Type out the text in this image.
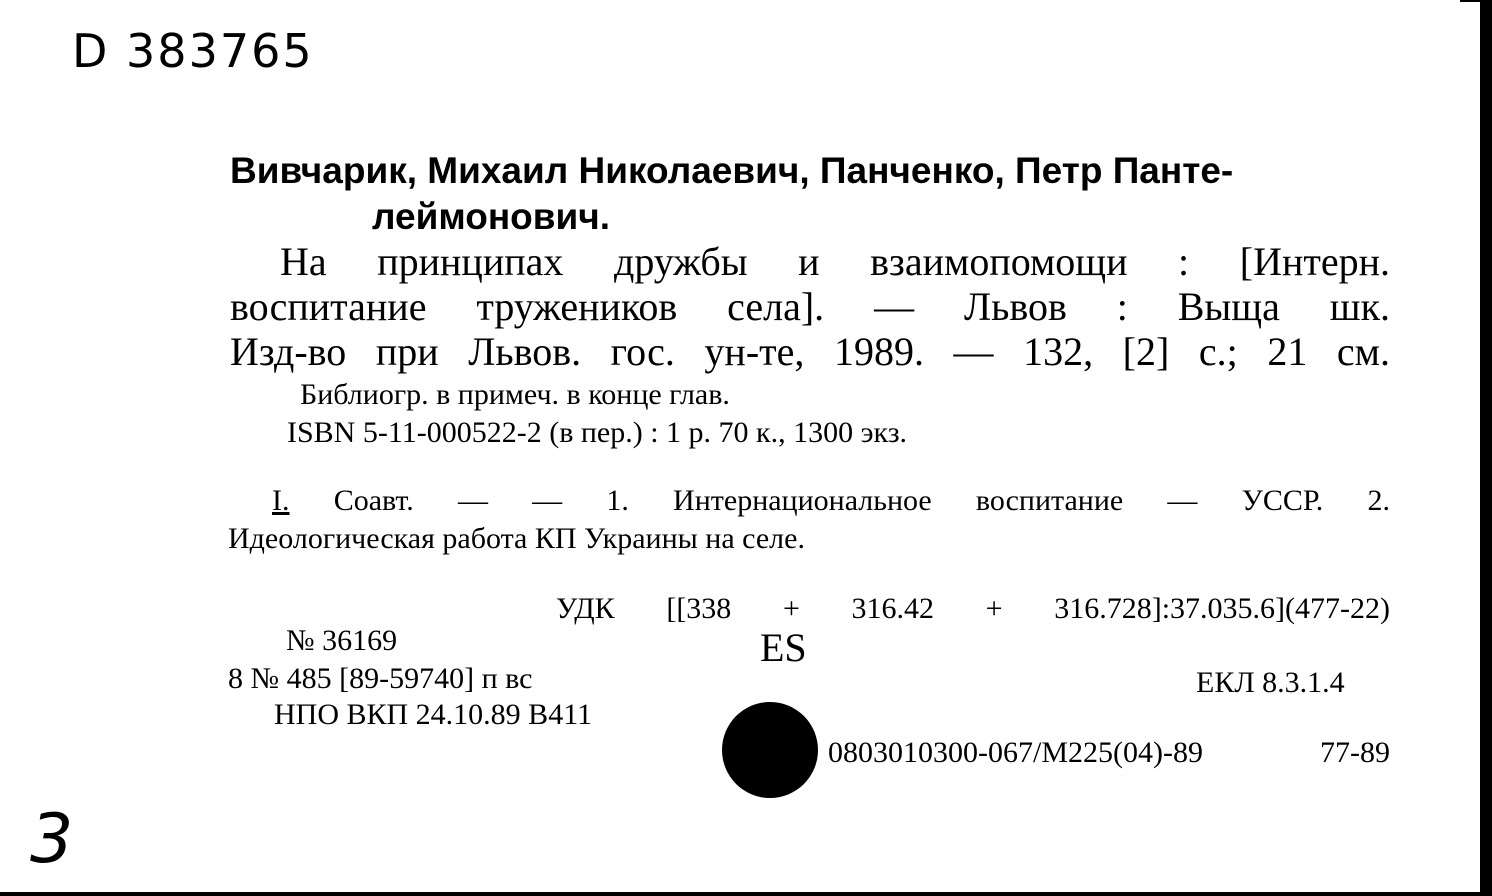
D 383765
Вивчарик, Михаил Николаевич, Панченко, Петр Панте-
леймонович.
На принципах дружбы и взаимопомощи : [Интерн.
воспитание тружеников села]. — Львов : Выща шк.
Изд-во при Львов. гос. ун-те, 1989. — 132, [2] с.; 21 см.
Библиогр. в примеч. в конце глав.
ISBN 5-11-000522-2 (в пер.) : 1 р. 70 к., 1300 экз.
I. Соавт. — — 1. Интернациональное воспитание — УССР. 2.
Идеологическая работа КП Украины на селе.
УДК [[338 + 316.42 + 316.728]:37.035.6](477-22)
ES
№ 36169
8 № 485 [89-59740] п вс	ЕКЛ 8.3.1.4
НПО ВКП 24.10.89 В411
0803010300-067/М225(04)-89 77-89
3
